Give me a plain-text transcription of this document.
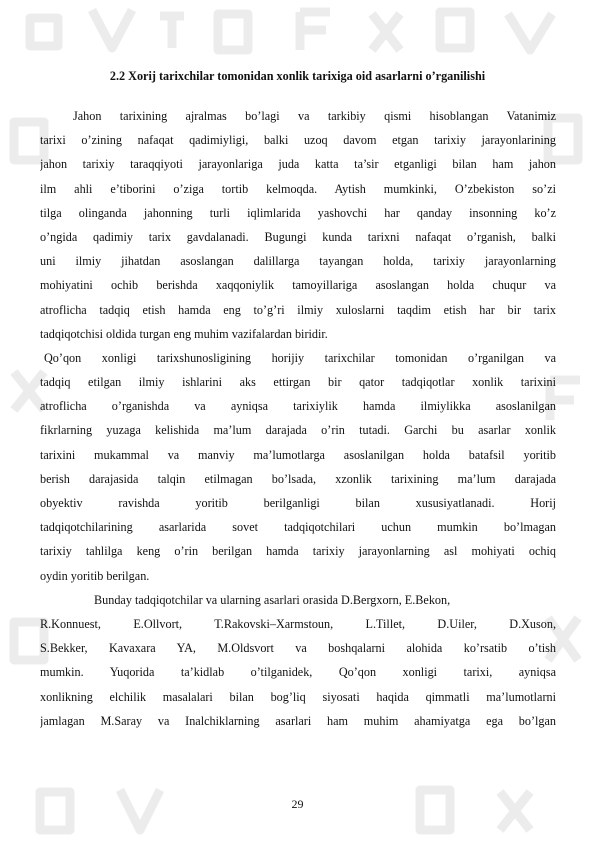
2.2 Xorij tarixchilar tomonidan xonlik tarixiga oid asarlarni o’rganilishi
Jahon tarixining ajralmas bo’lagi va tarkibiy qismi hisoblangan Vatanimiz
tarixi o’zining nafaqat qadimiyligi, balki uzoq davom etgan tarixiy jarayonlarining
jahon tarixiy taraqqiyoti jarayonlariga juda katta ta’sir etganligi bilan ham jahon
ilm ahli e’tiborini o’ziga tortib kelmoqda. Aytish mumkinki, O’zbekiston so’zi
tilga olinganda jahonning turli iqlimlarida yashovchi har qanday insonning ko’z
o’ngida qadimiy tarix gavdalanadi. Bugungi kunda tarixni nafaqat o’rganish, balki
uni ilmiy jihatdan asoslangan dalillarga tayangan holda, tarixiy jarayonlarning
mohiyatini ochib berishda xaqqoniylik tamoyillariga asoslangan holda chuqur va
atroflicha tadqiq etish hamda eng to’g’ri ilmiy xuloslarni taqdim etish har bir tarix
tadqiqotchisi oldida turgan eng muhim vazifalardan biridir.
Qo’qon xonligi tarixshunosligining horijiy tarixchilar tomonidan o’rganilgan va
tadqiq etilgan ilmiy ishlarini aks ettirgan bir qator tadqiqotlar xonlik tarixini
atroflicha o’rganishda va ayniqsa tarixiylik hamda ilmiylikka asoslanilgan
fikrlarning yuzaga kelishida ma’lum darajada o’rin tutadi. Garchi bu asarlar xonlik
tarixini mukammal va manviy ma’lumotlarga asoslanilgan holda batafsil yoritib
berish darajasida talqin etilmagan bo’lsada, xzonlik tarixining ma’lum darajada
obyektiv ravishda yoritib berilganligi bilan xususiyatlanadi. Horij
tadqiqotchilarining asarlarida sovet tadqiqotchilari uchun mumkin bo’lmagan
tarixiy tahlilga keng o’rin berilgan hamda tarixiy jarayonlarning asl mohiyati ochiq
oydin yoritib berilgan.
Bunday tadqiqotchilar va ularning asarlari orasida D.Bergxorn, E.Bekon,
R.Konnuest, E.Ollvort, T.Rakovski–Xarmstoun, L.Tillet, D.Uiler, D.Xuson,
S.Bekker, Kavaxara YA, M.Oldsvort va boshqalarni alohida ko’rsatib o’tish
mumkin. Yuqorida ta’kidlab o’tilganidek, Qo’qon xonligi tarixi, ayniqsa
xonlikning elchilik masalalari bilan bog’liq siyosati haqida qimmatli ma’lumotlarni
jamlagan M.Saray va Inalchiklarning asarlari ham muhim ahamiyatga ega bo’lgan
29
